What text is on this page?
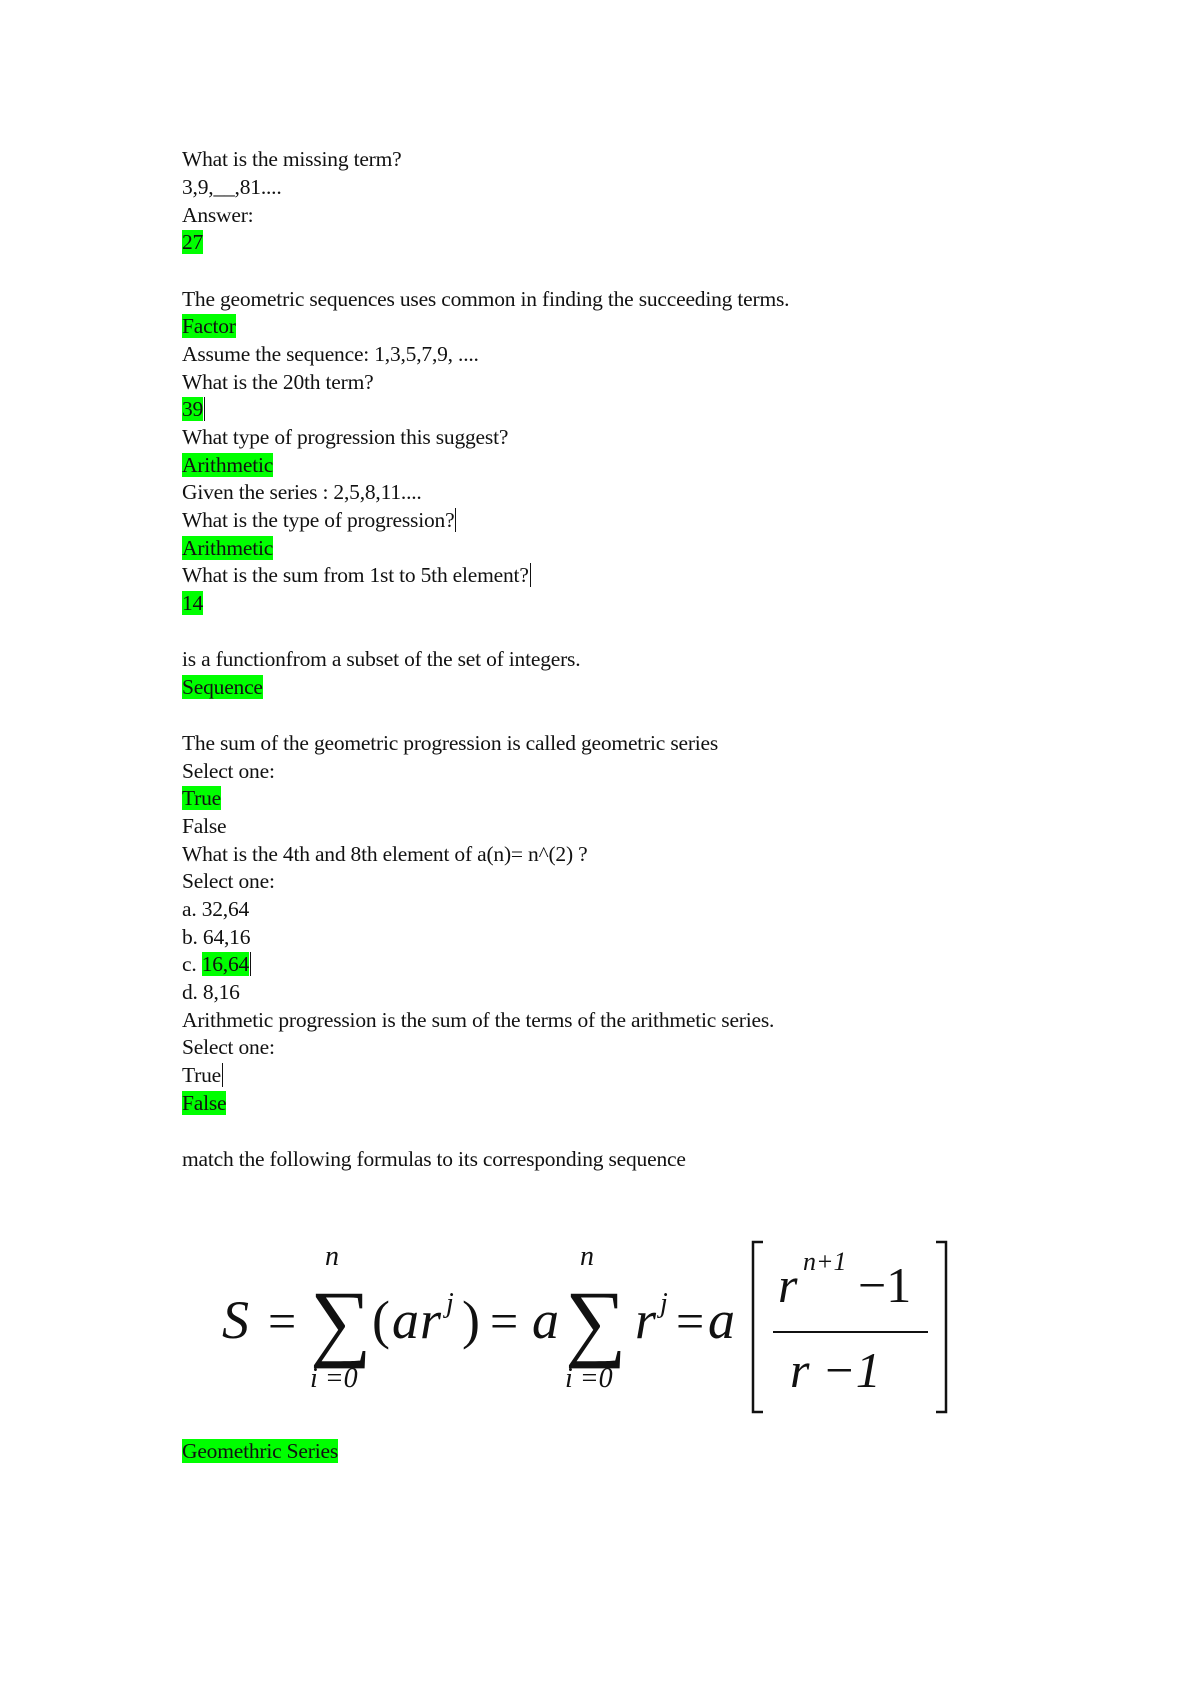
What is the missing term?
3,9,__,81....
Answer:
27
The geometric sequences uses common in finding the succeeding terms.
Factor
Assume the sequence: 1,3,5,7,9, ....
What is the 20th term?
39
What type of progression this suggest?
Arithmetic
Given the series : 2,5,8,11....
What is the type of progression?
Arithmetic
What is the sum from 1st to 5th element?
14
is a functionfrom a subset of the set of integers.
Sequence
The sum of the geometric progression is called geometric series
Select one:
True
False
What is the 4th and 8th element of a(n)= n^(2) ?
Select one:
a. 32,64
b. 64,16
c. 16,64
d. 8,16
Arithmetic progression is the sum of the terms of the arithmetic series.
Select one:
True
False
match the following formulas to its corresponding sequence
S =
n
∑
i =0
( a r j ) = a
n
∑
i =0
r j = a
r n+1 −1
r −1
Geomethric Series
